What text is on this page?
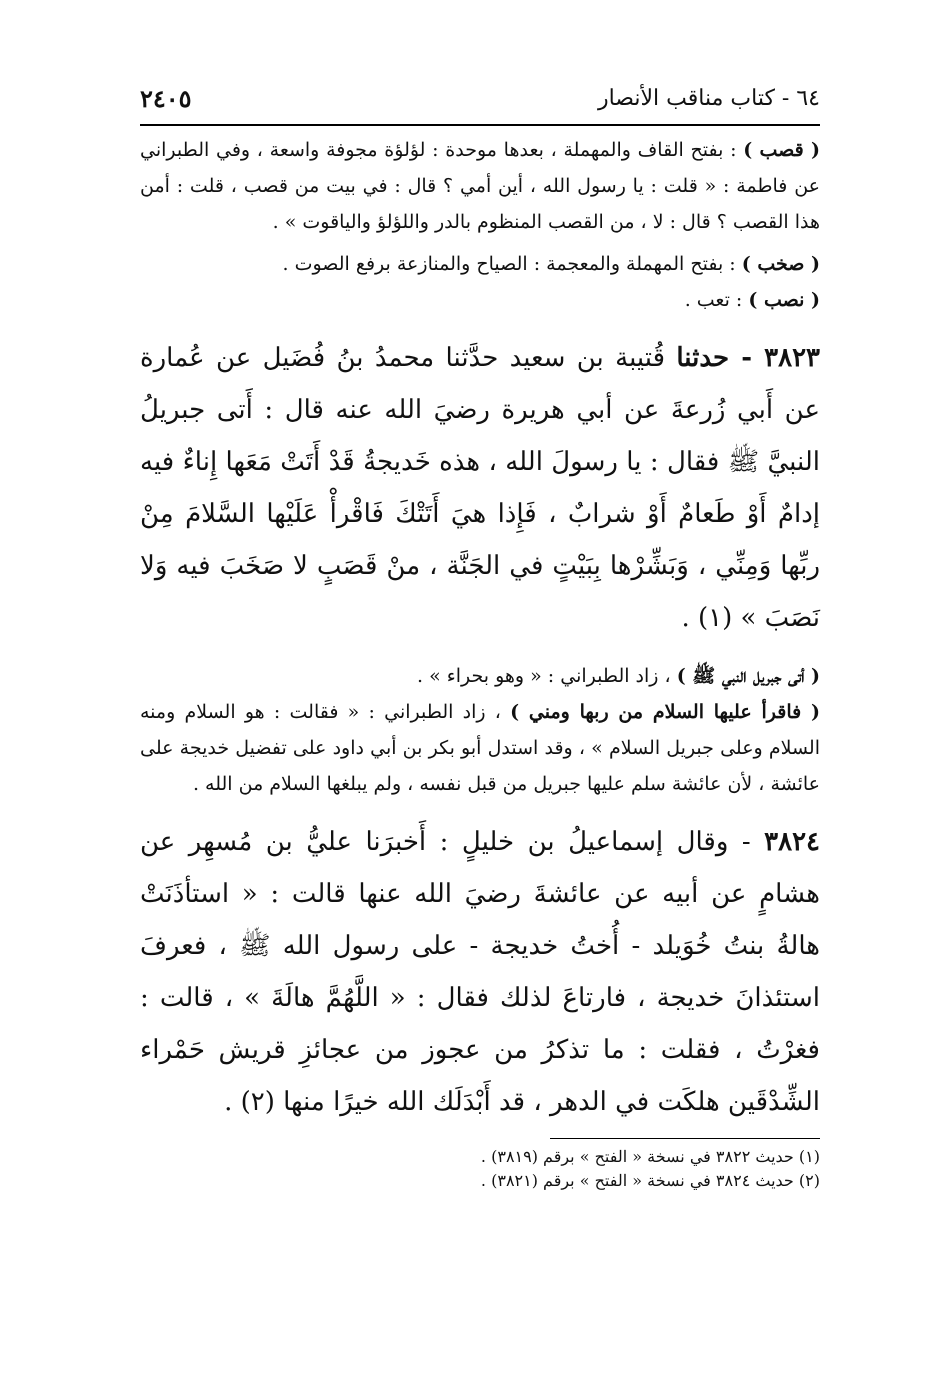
٦٤ - كتاب مناقب الأنصار
٢٤٠٥

( قصب ) : بفتح القاف والمهملة ، بعدها موحدة : لؤلؤة مجوفة واسعة ، وفي الطبراني عن فاطمة : « قلت : يا رسول الله ، أين أمي ؟ قال : في بيت من قصب ، قلت : أمن هذا القصب ؟ قال : لا ، من القصب المنظوم بالدر واللؤلؤ والياقوت » .

( صخب ) : بفتح المهملة والمعجمة : الصياح والمنازعة برفع الصوت .

( نصب ) : تعب .

٣٨٢٣ - حدثنا قُتيبة بن سعيد حدَّثنا محمدُ بنُ فُضَيل عن عُمارة عن أَبي زُرعةَ عن أبي هريرة رضيَ الله عنه قال : أَتى جبريلُ النبيَّ ﷺ فقال : يا رسولَ الله ، هذه خَديجةُ قَدْ أَتَتْ مَعَها إِناءٌ فيه إدامٌ أَوْ طَعامٌ أَوْ شرابٌ ، فَإِذا هيَ أَتَتْكَ فَاقْرأْ عَلَيْها السَّلامَ مِنْ ربِّها وَمِنِّي ، وَبَشِّرْها بِبَيْتٍ في الجَنَّة ، منْ قَصَبٍ لا صَخَبَ فيه وَلا نَصَبَ » (١) .

( أتى جبريل النبي ﷺ ) ، زاد الطبراني : « وهو بحراء » .

( فاقرأ عليها السلام من ربها ومني ) ، زاد الطبراني : « فقالت : هو السلام ومنه السلام وعلى جبريل السلام » ، وقد استدل أبو بكر بن أبي داود على تفضيل خديجة على عائشة ، لأن عائشة سلم عليها جبريل من قبل نفسه ، ولم يبلغها السلام من الله .

٣٨٢٤ - وقال إسماعيلُ بن خليلٍ : أَخبرَنا عليُّ بن مُسهِر عن هشامٍ عن أبيه عن عائشةَ رضيَ الله عنها قالت : « استأذَنَتْ هالةُ بنتُ خُوَيلد - أُختُ خديجة - على رسول الله ﷺ ، فعرفَ استئذانَ خديجة ، فارتاعَ لذلك فقال : « اللَّهُمَّ هالَةَ » ، قالت : فغرْتُ ، فقلت : ما تذكرُ من عجوز من عجائزِ قريش حَمْراء الشِّدْقَين هلكَت في الدهر ، قد أَبْدَلَك الله خيرًا منها (٢) .

(١) حديث ٣٨٢٢ في نسخة « الفتح » برقم (٣٨١٩) .

(٢) حديث ٣٨٢٤ في نسخة « الفتح » برقم (٣٨٢١) .
